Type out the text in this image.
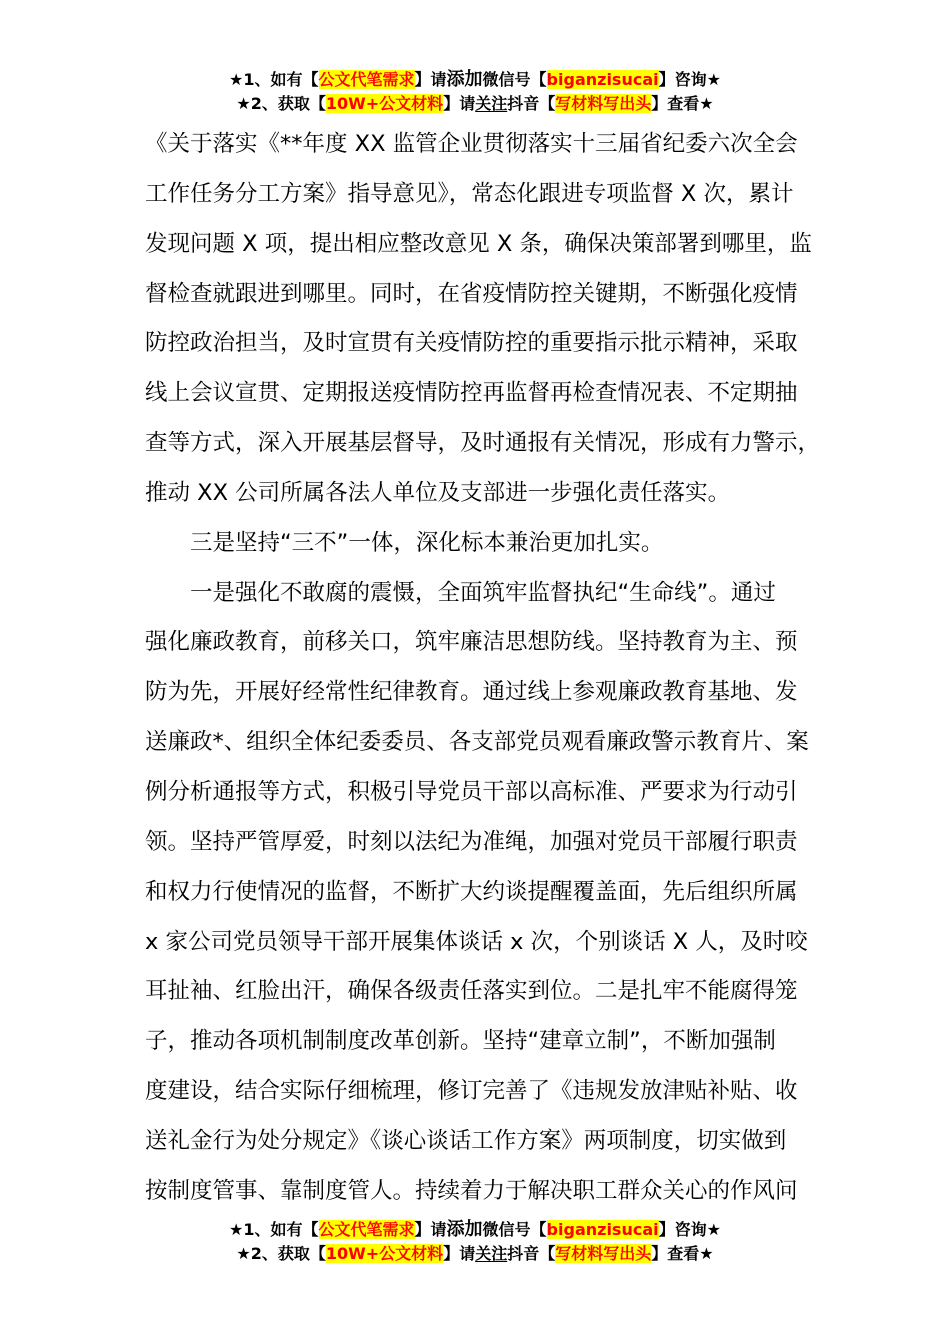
★1、如有【公文代笔需求】请添加微信号【biganzisucai】咨询★
★2、获取【10W+公文材料】请关注抖音【写材料写出头】查看★
《关于落实《**年度 XX 监管企业贯彻落实十三届省纪委六次全会
工作任务分工方案》指导意见》，常态化跟进专项监督 X 次，累计
发现问题 X 项，提出相应整改意见 X 条，确保决策部署到哪里，监
督检查就跟进到哪里。同时，在省疫情防控关键期，不断强化疫情
防控政治担当，及时宣贯有关疫情防控的重要指示批示精神，采取
线上会议宣贯、定期报送疫情防控再监督再检查情况表、不定期抽
查等方式，深入开展基层督导，及时通报有关情况，形成有力警示，
推动 XX 公司所属各法人单位及支部进一步强化责任落实。
三是坚持“三不”一体，深化标本兼治更加扎实。
一是强化不敢腐的震慑，全面筑牢监督执纪“生命线”。通过
强化廉政教育，前移关口，筑牢廉洁思想防线。坚持教育为主、预
防为先，开展好经常性纪律教育。通过线上参观廉政教育基地、发
送廉政*、组织全体纪委委员、各支部党员观看廉政警示教育片、案
例分析通报等方式，积极引导党员干部以高标准、严要求为行动引
领。坚持严管厚爱，时刻以法纪为准绳，加强对党员干部履行职责
和权力行使情况的监督，不断扩大约谈提醒覆盖面，先后组织所属
x 家公司党员领导干部开展集体谈话 x 次，个别谈话 X 人，及时咬
耳扯袖、红脸出汗，确保各级责任落实到位。二是扎牢不能腐得笼
子，推动各项机制制度改革创新。坚持“建章立制”，不断加强制
度建设，结合实际仔细梳理，修订完善了《违规发放津贴补贴、收
送礼金行为处分规定》《谈心谈话工作方案》两项制度，切实做到
按制度管事、靠制度管人。持续着力于解决职工群众关心的作风问
★1、如有【公文代笔需求】请添加微信号【biganzisucai】咨询★
★2、获取【10W+公文材料】请关注抖音【写材料写出头】查看★
